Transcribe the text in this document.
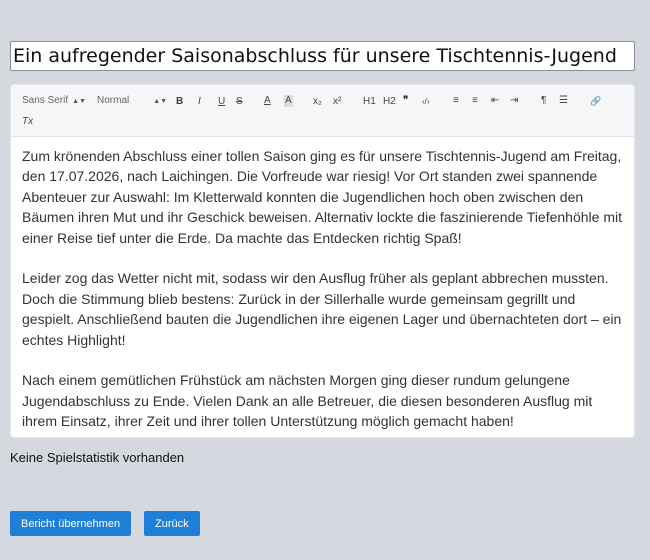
Ein aufregender Saisonabschluss für unsere Tischtennis-Jugend
Sans Serif ▲▼ Normal	▲▼ B I U S A A x₂ x² H1 H2 ❞ ‹/› ≡ ≡ ⇤ ⇥ ¶ ☰ 🔗
Tx

Zum krönenden Abschluss einer tollen Saison ging es für unsere Tischtennis-Jugend am Freitag, den 17.07.2026, nach Laichingen. Die Vorfreude war riesig! Vor Ort standen zwei spannende Abenteuer zur Auswahl: Im Kletterwald konnten die Jugendlichen hoch oben zwischen den Bäumen ihren Mut und ihr Geschick beweisen. Alternativ lockte die faszinierende Tiefenhöhle mit einer Reise tief unter die Erde. Da machte das Entdecken richtig Spaß!

Leider zog das Wetter nicht mit, sodass wir den Ausflug früher als geplant abbrechen mussten. Doch die Stimmung blieb bestens: Zurück in der Sillerhalle wurde gemeinsam gegrillt und gespielt. Anschließend bauten die Jugendlichen ihre eigenen Lager und übernachteten dort – ein echtes Highlight!

Nach einem gemütlichen Frühstück am nächsten Morgen ging dieser rundum gelungene Jugendabschluss zu Ende. Vielen Dank an alle Betreuer, die diesen besonderen Ausflug mit ihrem Einsatz, ihrer Zeit und ihrer tollen Unterstützung möglich gemacht haben!

Keine Spielstatistik vorhanden
Bericht übernehmen	Zurück
